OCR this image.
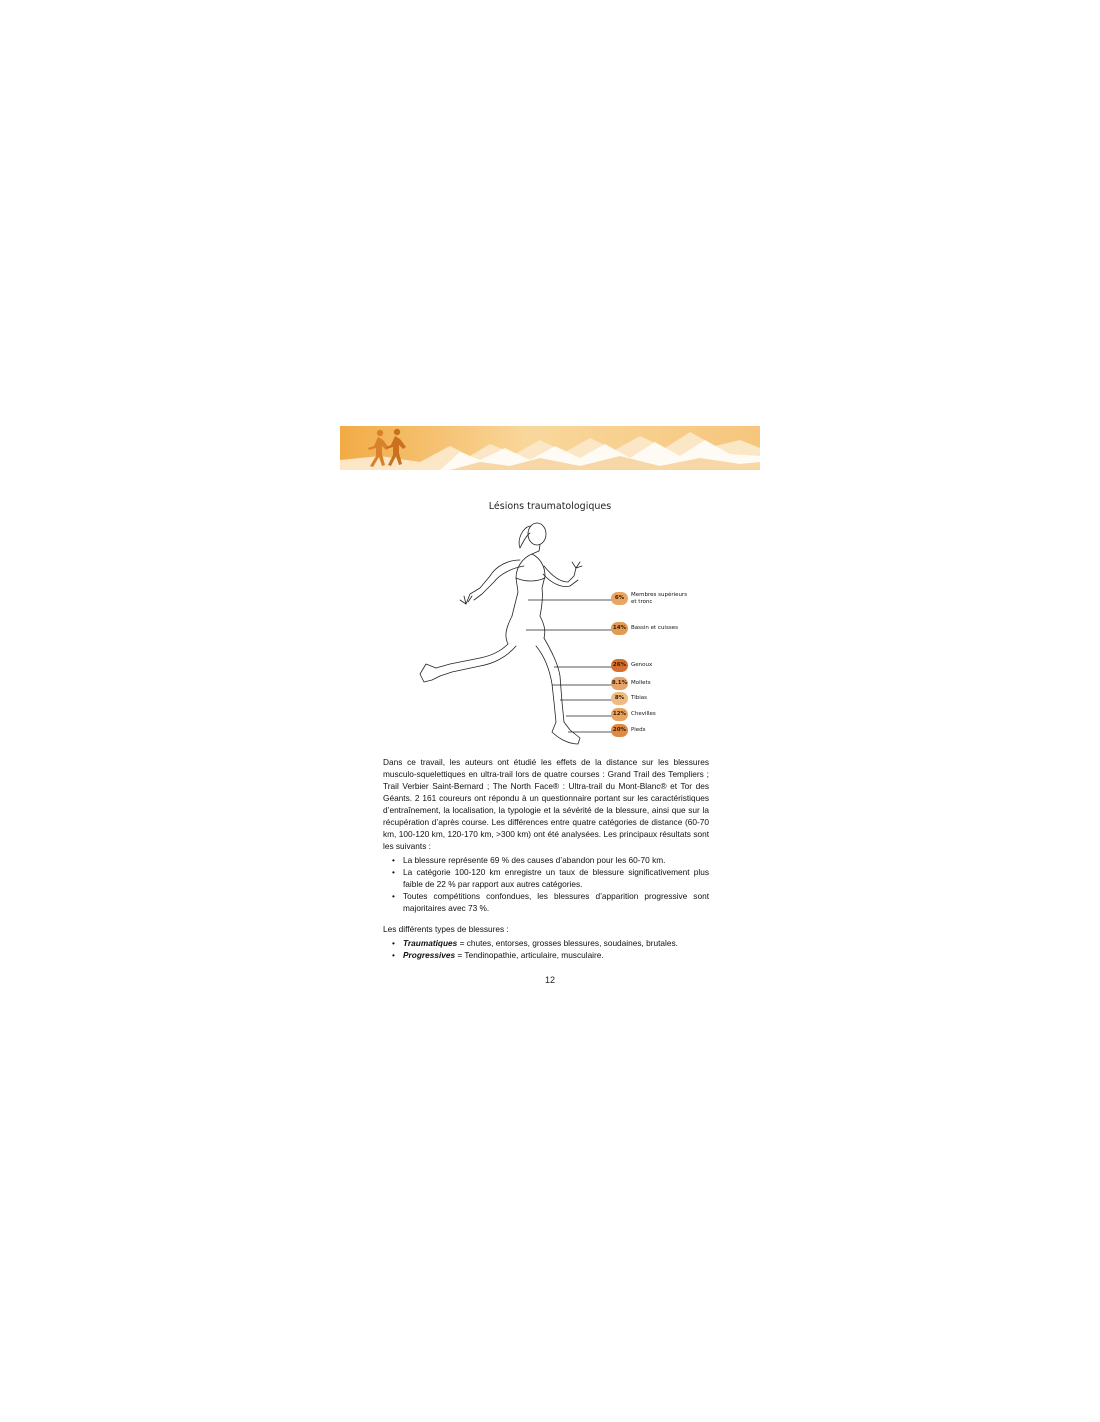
Lésions traumatologiques
6%	Membres supérieurs et tronc
14% Bassin et cuisses
26% Genoux
8.1% Mollets
8%	Tibias
12% Chevilles
20% Pieds

Dans ce travail, les auteurs ont étudié les effets de la distance sur les blessures musculo-squelettiques en ultra-trail lors de quatre courses : Grand Trail des Templiers ; Trail Verbier Saint-Bernard ; The North Face® : Ultra-trail du Mont-Blanc® et Tor des Géants. 2 161 coureurs ont répondu à un questionnaire portant sur les caractéristiques d’entraînement, la localisation, la typologie et la sévérité de la blessure, ainsi que sur la récupération d’après course. Les différences entre quatre catégories de distance (60-70 km, 100-120 km, 120-170 km, >300 km) ont été analysées. Les principaux résultats sont les suivants :

• La blessure représente 69 % des causes d’abandon pour les 60-70 km.
• La catégorie 100-120 km enregistre un taux de blessure significativement plus faible de 22 % par rapport aux autres catégories.
• Toutes compétitions confondues, les blessures d’apparition progressive sont majoritaires avec 73 %.

Les différents types de blessures :

• Traumatiques = chutes, entorses, grosses blessures, soudaines, brutales.
• Progressives = Tendinopathie, articulaire, musculaire.
12
